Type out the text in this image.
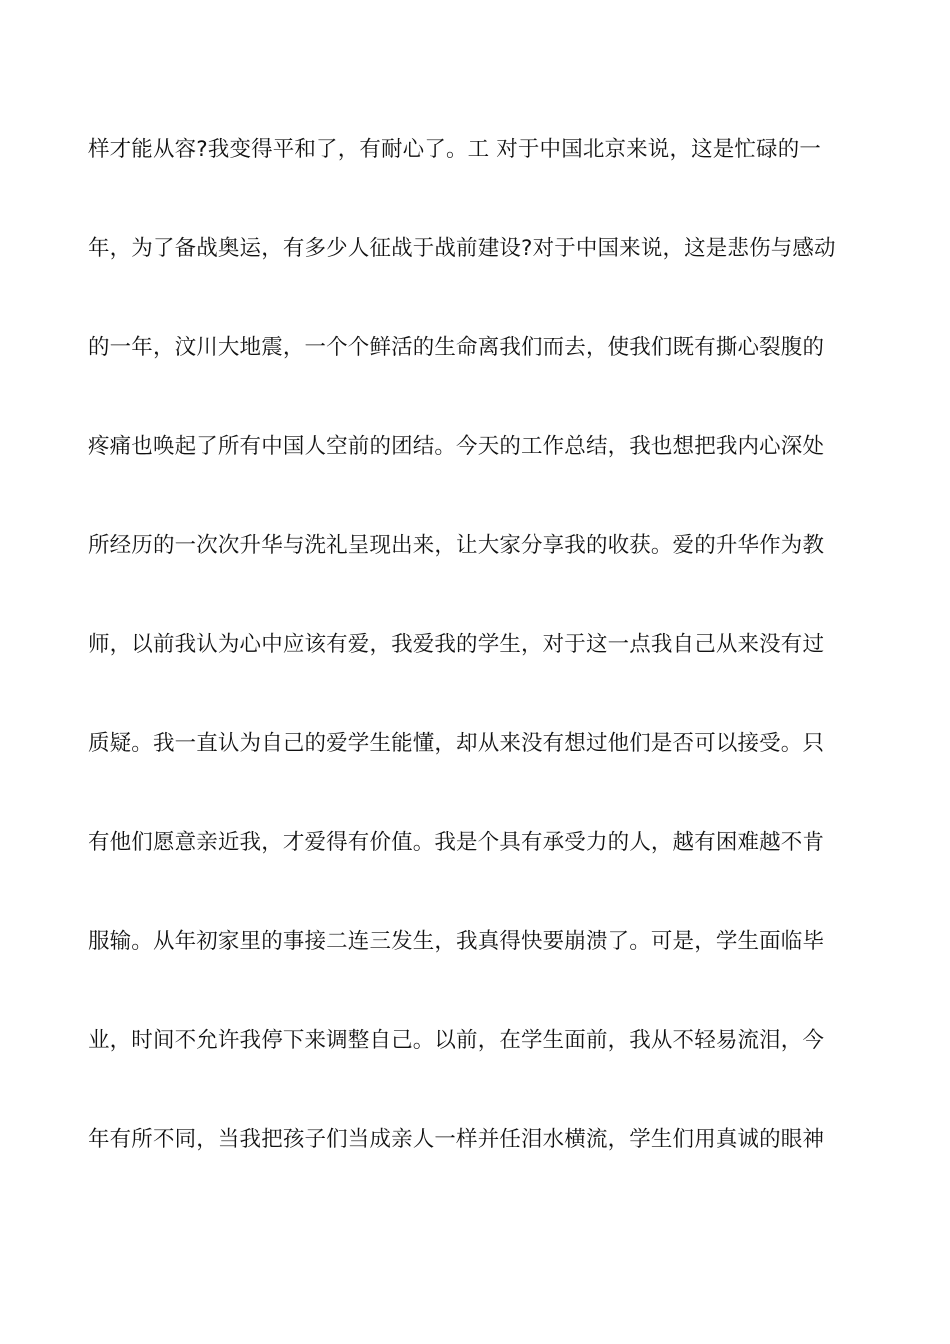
样才能从容?我变得平和了，有耐心了。工 对于中国北京来说，这是忙碌的一
年，为了备战奥运，有多少人征战于战前建设?对于中国来说，这是悲伤与感动
的一年，汶川大地震，一个个鲜活的生命离我们而去，使我们既有撕心裂腹的
疼痛也唤起了所有中国人空前的团结。今天的工作总结，我也想把我内心深处
所经历的一次次升华与洗礼呈现出来，让大家分享我的收获。爱的升华作为教
师，以前我认为心中应该有爱，我爱我的学生，对于这一点我自己从来没有过
质疑。我一直认为自己的爱学生能懂，却从来没有想过他们是否可以接受。只
有他们愿意亲近我，才爱得有价值。我是个具有承受力的人，越有困难越不肯
服输。从年初家里的事接二连三发生，我真得快要崩溃了。可是，学生面临毕
业，时间不允许我停下来调整自己。以前，在学生面前，我从不轻易流泪，今
年有所不同，当我把孩子们当成亲人一样并任泪水横流，学生们用真诚的眼神
